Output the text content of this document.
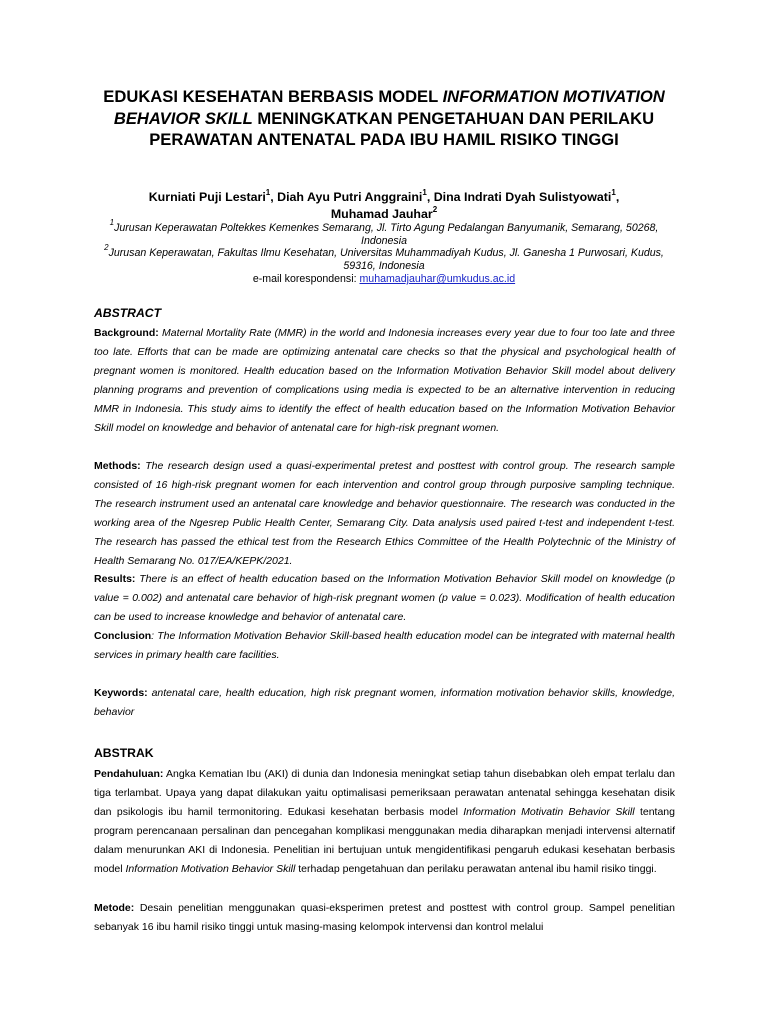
EDUKASI KESEHATAN BERBASIS MODEL INFORMATION MOTIVATION BEHAVIOR SKILL MENINGKATKAN PENGETAHUAN DAN PERILAKU PERAWATAN ANTENATAL PADA IBU HAMIL RISIKO TINGGI
Kurniati Puji Lestari$^1$, Diah Ayu Putri Anggraini$^1$, Dina Indrati Dyah Sulistyowati$^1$,
Muhamad Jauhar$^2$
$^1$Jurusan Keperawatan Poltekkes Kemenkes Semarang, Jl. Tirto Agung Pedalangan Banyumanik, Semarang, 50268, Indonesia
$^2$Jurusan Keperawatan, Fakultas Ilmu Kesehatan, Universitas Muhammadiyah Kudus, Jl. Ganesha 1 Purwosari, Kudus, 59316, Indonesia
e-mail korespondensi: muhamadjauhar@umkudus.ac.id
ABSTRACT
Background: Maternal Mortality Rate (MMR) in the world and Indonesia increases every year due to four too late and three too late. Efforts that can be made are optimizing antenatal care checks so that the physical and psychological health of pregnant women is monitored. Health education based on the Information Motivation Behavior Skill model about delivery planning programs and prevention of complications using media is expected to be an alternative intervention in reducing MMR in Indonesia. This study aims to identify the effect of health education based on the Information Motivation Behavior Skill model on knowledge and behavior of antenatal care for high-risk pregnant women.
Methods: The research design used a quasi-experimental pretest and posttest with control group. The research sample consisted of 16 high-risk pregnant women for each intervention and control group through purposive sampling technique. The research instrument used an antenatal care knowledge and behavior questionnaire. The research was conducted in the working area of the Ngesrep Public Health Center, Semarang City. Data analysis used paired t-test and independent t-test. The research has passed the ethical test from the Research Ethics Committee of the Health Polytechnic of the Ministry of Health Semarang No. 017/EA/KEPK/2021.
Results: There is an effect of health education based on the Information Motivation Behavior Skill model on knowledge (p value = 0.002) and antenatal care behavior of high-risk pregnant women (p value = 0.023). Modification of health education can be used to increase knowledge and behavior of antenatal care.
Conclusion: The Information Motivation Behavior Skill-based health education model can be integrated with maternal health services in primary health care facilities.
Keywords: antenatal care, health education, high risk pregnant women, information motivation behavior skills, knowledge, behavior
ABSTRAK
Pendahuluan: Angka Kematian Ibu (AKI) di dunia dan Indonesia meningkat setiap tahun disebabkan oleh empat terlalu dan tiga terlambat. Upaya yang dapat dilakukan yaitu optimalisasi pemeriksaan perawatan antenatal sehingga kesehatan disik dan psikologis ibu hamil termonitoring. Edukasi kesehatan berbasis model Information Motivatin Behavior Skill tentang program perencanaan persalinan dan pencegahan komplikasi menggunakan media diharapkan menjadi intervensi alternatif dalam menurunkan AKI di Indonesia. Penelitian ini bertujuan untuk mengidentifikasi pengaruh edukasi kesehatan berbasis model Information Motivation Behavior Skill terhadap pengetahuan dan perilaku perawatan antenal ibu hamil risiko tinggi.
Metode: Desain penelitian menggunakan quasi-eksperimen pretest and posttest with control group. Sampel penelitian sebanyak 16 ibu hamil risiko tinggi untuk masing-masing kelompok intervensi dan kontrol melalui
